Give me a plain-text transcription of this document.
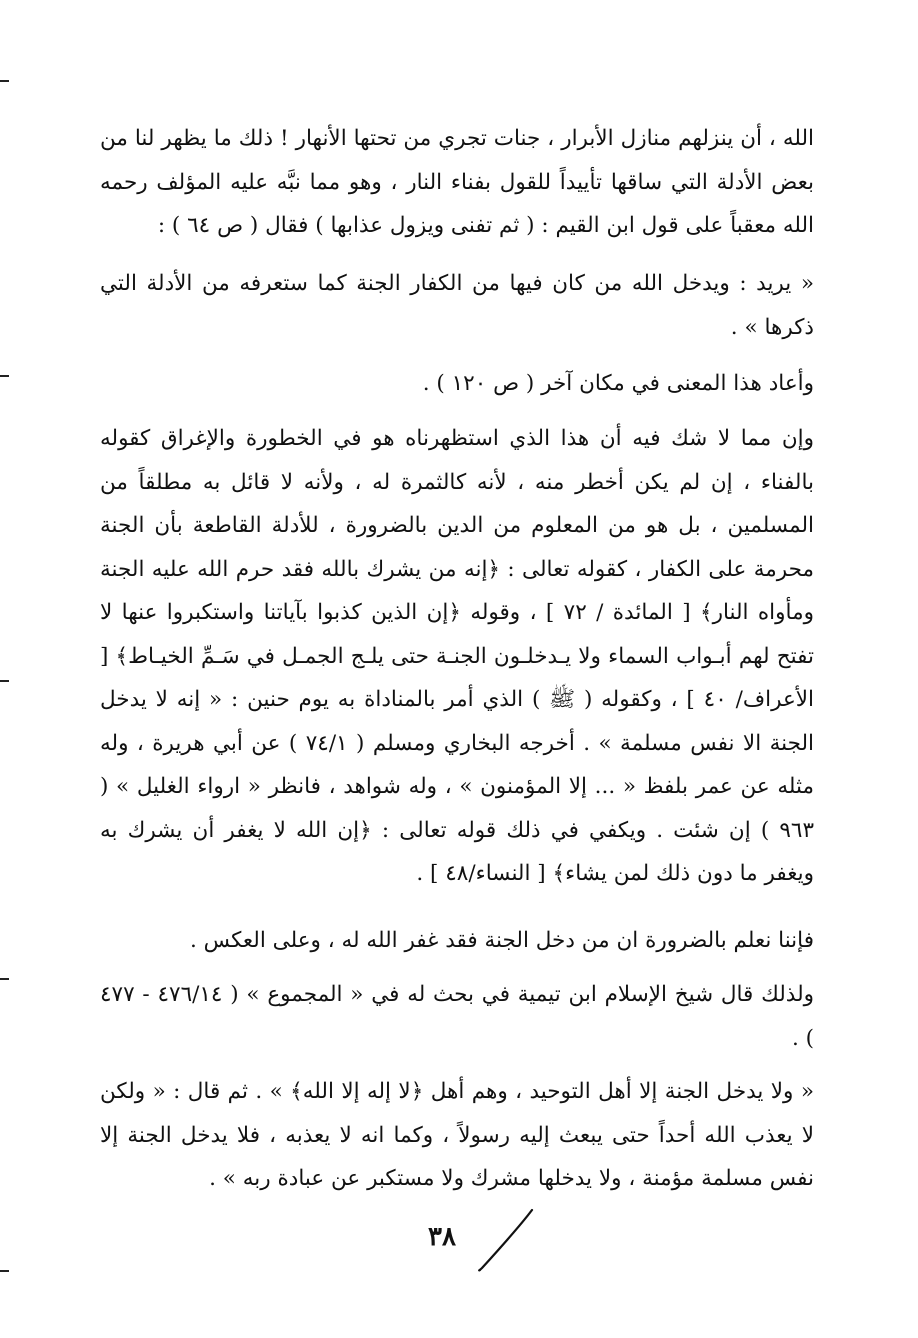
الله ، أن ينزلهم منازل الأبرار ، جنات تجري من تحتها الأنهار ! ذلك ما يظهر لنا من بعض الأدلة التي ساقها تأييداً للقول بفناء النار ، وهو مما نبَّه عليه المؤلف رحمه الله معقباً على قول ابن القيم : ( ثم تفنى ويزول عذابها ) فقال ( ص ٦٤ ) :

« يريد : ويدخل الله من كان فيها من الكفار الجنة كما ستعرفه من الأدلة التي ذكرها » .

وأعاد هذا المعنى في مكان آخر ( ص ١٢٠ ) .

وإن مما لا شك فيه أن هذا الذي استظهرناه هو في الخطورة والإغراق كقوله بالفناء ، إن لم يكن أخطر منه ، لأنه كالثمرة له ، ولأنه لا قائل به مطلقاً من المسلمين ، بل هو من المعلوم من الدين بالضرورة ، للأدلة القاطعة بأن الجنة محرمة على الكفار ، كقوله تعالى : ﴿إنه من يشرك بالله فقد حرم الله عليه الجنة ومأواه النار﴾ [ المائدة / ٧٢ ] ، وقوله ﴿إن الذين كذبوا بآياتنا واستكبروا عنها لا تفتح لهم أبـواب السماء ولا يـدخلـون الجنـة حتى يلـج الجمـل في سَـمِّ الخيـاط﴾ [ الأعراف/ ٤٠ ] ، وكقوله ( ﷺ ) الذي أمر بالمناداة به يوم حنين : « إنه لا يدخل الجنة الا نفس مسلمة » . أخرجه البخاري ومسلم ( ٧٤/١ ) عن أبي هريرة ، وله مثله عن عمر بلفظ « ... إلا المؤمنون » ، وله شواهد ، فانظر « ارواء الغليل » ( ٩٦٣ ) إن شئت . ويكفي في ذلك قوله تعالى : ﴿إن الله لا يغفر أن يشرك به ويغفر ما دون ذلك لمن يشاء﴾ [ النساء/٤٨ ] .

فإننا نعلم بالضرورة ان من دخل الجنة فقد غفر الله له ، وعلى العكس .

ولذلك قال شيخ الإسلام ابن تيمية في بحث له في « المجموع » ( ٤٧٦/١٤ - ٤٧٧ ) .

« ولا يدخل الجنة إلا أهل التوحيد ، وهم أهل ﴿لا إله إلا الله﴾ » . ثم قال : « ولكن لا يعذب الله أحداً حتى يبعث إليه رسولاً ، وكما انه لا يعذبه ، فلا يدخل الجنة إلا نفس مسلمة مؤمنة ، ولا يدخلها مشرك ولا مستكبر عن عبادة ربه » .

٣٨
